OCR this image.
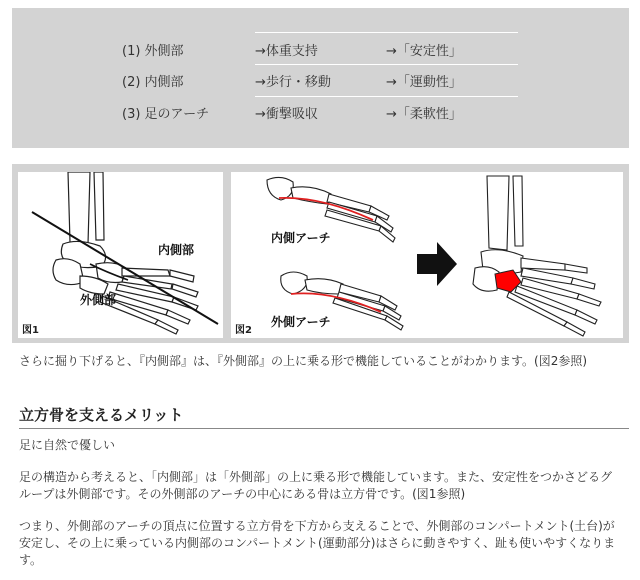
(1) 外側部	→体重支持	→「安定性」
(2) 内側部	→歩行・移動	→「運動性」
(3) 足のアーチ	→衝撃吸収	→「柔軟性」
内側部
外側部
図1
内側アーチ
外側アーチ
図2

さらに掘り下げると、『内側部』は、『外側部』の上に乗る形で機能していることがわかります。(図2参照)

立方骨を支えるメリット

足に自然で優しい

足の構造から考えると、「内側部」は「外側部」の上に乗る形で機能しています。また、安定性をつかさどるグループは外側部です。その外側部のアーチの中心にある骨は立方骨です。(図1参照)

つまり、外側部のアーチの頂点に位置する立方骨を下方から支えることで、外側部のコンパートメント(土台)が安定し、その上に乗っている内側部のコンパートメント(運動部分)はさらに動きやすく、趾も使いやすくなります。
